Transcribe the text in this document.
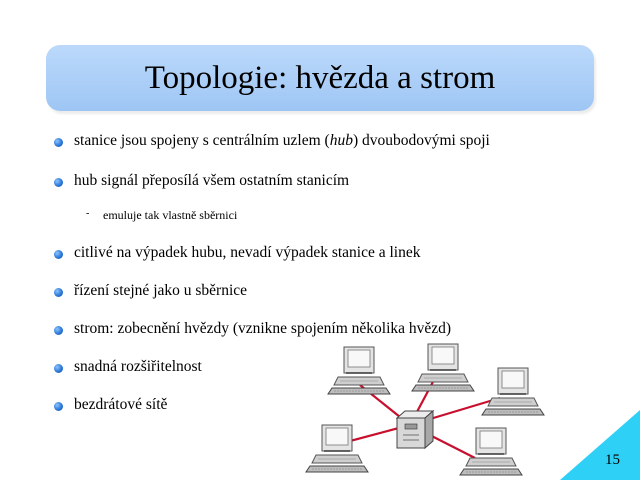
Topologie: hvězda a strom
stanice jsou spojeny s centrálním uzlem (hub) dvoubodovými spoji
hub signál přeposílá všem ostatním stanicím
- emuluje tak vlastně sběrnici
citlivé na výpadek hubu, nevadí výpadek stanice a linek
řízení stejné jako u sběrnice
strom: zobecnění hvězdy (vznikne spojením několika hvězd)
snadná rozšiřitelnost
bezdrátové sítě
15
